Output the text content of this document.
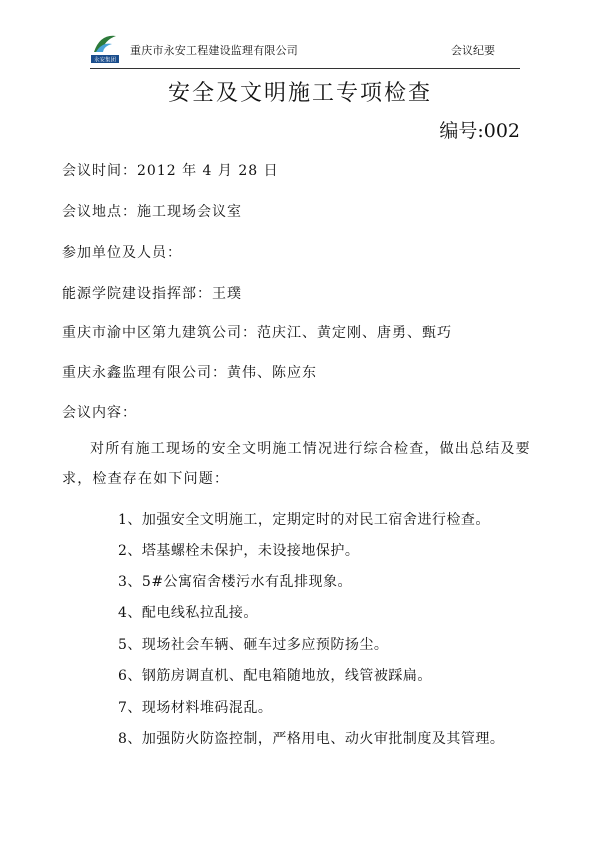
永安集团
重庆市永安工程建设监理有限公司	会议纪要
安全及文明施工专项检查
编号:002
会议时间：2012 年 4 月 28 日
会议地点：施工现场会议室
参加单位及人员：
能源学院建设指挥部：王璞
重庆市渝中区第九建筑公司：范庆江、黄定刚、唐勇、甄巧
重庆永鑫监理有限公司：黄伟、陈应东
会议内容：
对所有施工现场的安全文明施工情况进行综合检查，做出总结及要求，检查存在如下问题：
1、加强安全文明施工，定期定时的对民工宿舍进行检查。
2、塔基螺栓未保护，未设接地保护。
3、5#公寓宿舍楼污水有乱排现象。
4、配电线私拉乱接。
5、现场社会车辆、砸车过多应预防扬尘。
6、钢筋房调直机、配电箱随地放，线管被踩扁。
7、现场材料堆码混乱。
8、加强防火防盗控制，严格用电、动火审批制度及其管理。
